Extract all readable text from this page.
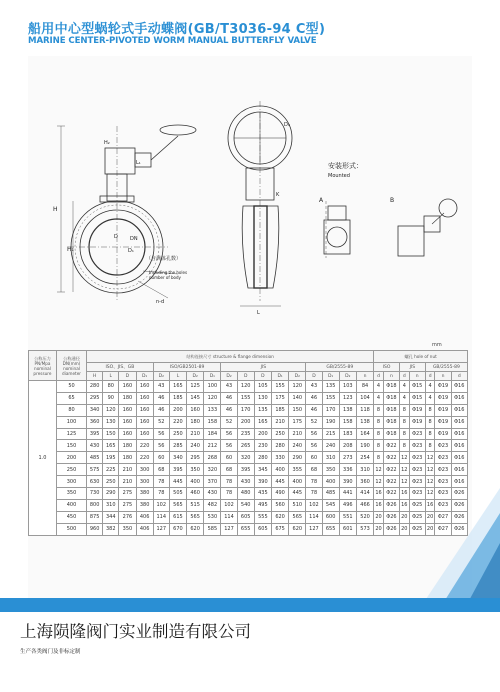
船用中心型蜗轮式手动蝶阀(GB/T3036-94 C型)
MARINE CENTER-PIVOTED WORM MANUAL BUTTERFLY VALVE
安装形式：
Mounted
A	B
（含满体孔数）
Including the holes
number of body
H
H₁
H₂
D
D₁
DN
n-d
L
L₁
D₀
K
mm
公称压力 PN/Mpa nominal pressure	公称通径 DN(mm) nominal diameter	结构连接尺寸 structure & flange dimension																	螺孔 hole of nut						
		ISO、JIS、GB				ISO/GB2501-89				JIS					GB/2555-89				ISO		JIS		GB/2555-89		
		H	L	D	D₁	D₂	L	D₂	D₁	D₂	D	D	D₁	D₂	D	D₁	D₂	n	d	n	d	n	d	n	d
1.0	50	280	80	160	160	43	165	125	100	43	120	105	155	120	43	135	103	84	4	Φ18	4	Φ15	4	Φ19	Φ16
	65	295	90	180	160	46	185	145	120	46	155	130	175	140	46	155	123	104	4	Φ18	4	Φ15	4	Φ19	Φ16
	80	340	120	160	160	46	200	160	133	46	170	135	185	150	46	170	138	118	8	Φ18	8	Φ19	8	Φ19	Φ16
	100	360	130	160	160	52	220	180	158	52	200	165	210	175	52	190	158	138	8	Φ18	8	Φ19	8	Φ19	Φ16
	125	395	150	160	160	56	250	210	184	56	235	200	250	210	56	215	183	164	8	Φ18	8	Φ23	8	Φ19	Φ16
	150	430	165	180	220	56	285	240	212	56	265	230	280	240	56	240	208	190	8	Φ22	8	Φ23	8	Φ23	Φ16
	200	485	195	180	220	60	340	295	268	60	320	280	330	290	60	310	273	254	8	Φ22	12	Φ23	12	Φ23	Φ16
	250	575	225	210	300	68	395	350	320	68	395	345	400	355	68	350	336	310	12	Φ22	12	Φ23	12	Φ23	Φ16
	300	630	250	210	300	78	445	400	370	78	430	390	445	400	78	400	390	360	12	Φ22	12	Φ23	12	Φ23	Φ16
	350	730	290	275	380	78	505	460	430	78	480	435	490	445	78	485	441	414	16	Φ22	16	Φ23	12	Φ23	Φ26
	400	800	310	275	380	102	565	515	482	102	540	495	560	510	102	545	496	466	16	Φ26	16	Φ25	16	Φ23	Φ26
	450	875	344	276	406	114	615	565	530	114	605	555	620	565	114	600	551	520	20	Φ26	20	Φ25	20	Φ27	Φ26
	500	960	382	350	406	127	670	620	585	127	655	605	675	620	127	655	601	573	20	Φ26	20	Φ25	20	Φ27	Φ26
上海陨隆阀门实业制造有限公司
生产各类阀门及非标定制
